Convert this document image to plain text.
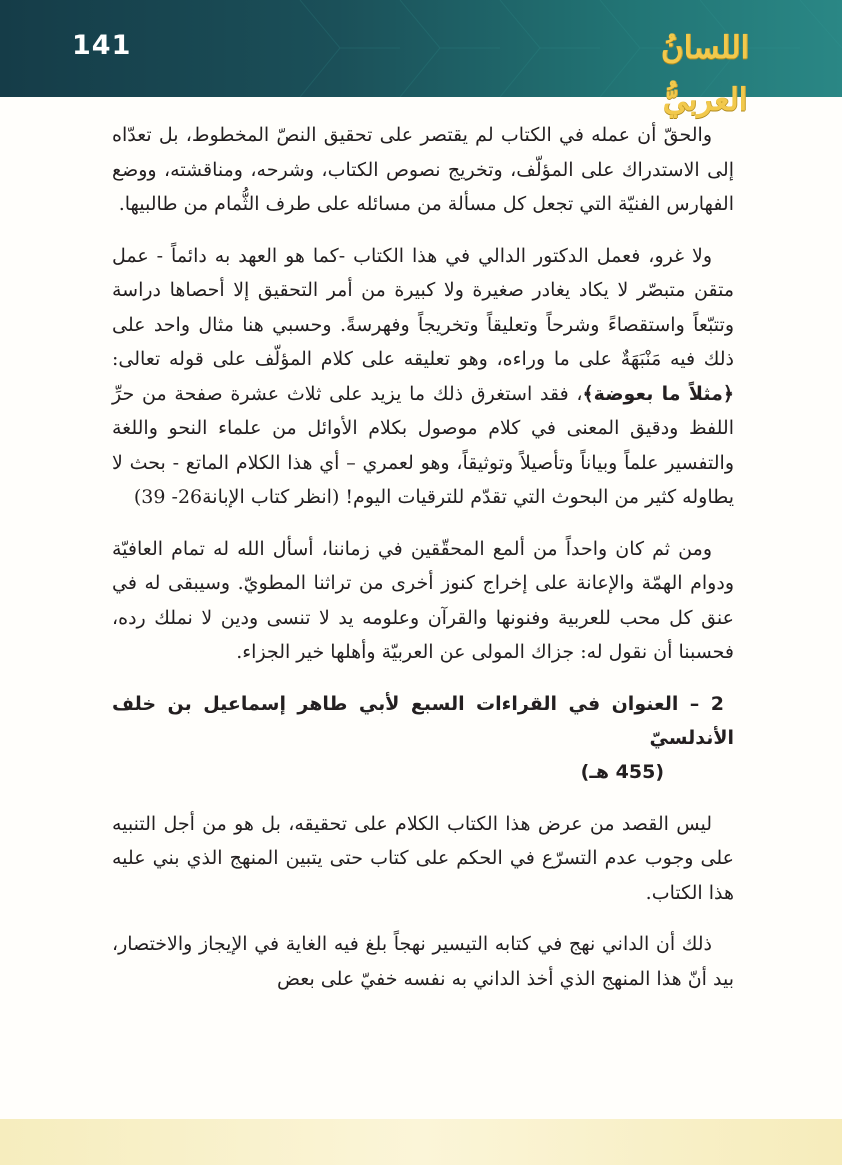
141	اللسانُ العربيُّ

والحقّ أن عمله في الكتاب لم يقتصر على تحقيق النصّ المخطوط، بل تعدّاه إلى الاستدراك على المؤلّف، وتخريج نصوص الكتاب، وشرحه، ومناقشته، ووضع الفهارس الفنيّة التي تجعل كل مسألة من مسائله على طرف الثُّمام من طالبيها.

ولا غرو، فعمل الدكتور الدالي في هذا الكتاب -كما هو العهد به دائماً - عمل متقن متبصّر لا يكاد يغادر صغيرة ولا كبيرة من أمر التحقيق إلا أحصاها دراسة وتتبّعاً واستقصاءً وشرحاً وتعليقاً وتخريجاً وفهرسةً. وحسبي هنا مثال واحد على ذلك فيه مَنْبَهَةٌ على ما وراءه، وهو تعليقه على كلام المؤلّف على قوله تعالى: ﴿مثلاً ما بعوضة﴾، فقد استغرق ذلك ما يزيد على ثلاث عشرة صفحة من حرِّ اللفظ ودقيق المعنى في كلام موصول بكلام الأوائل من علماء النحو واللغة والتفسير علماً وبياناً وتأصيلاً وتوثيقاً، وهو لعمري – أي هذا الكلام الماتع - بحث لا يطاوله كثير من البحوث التي تقدّم للترقيات اليوم! (انظر كتاب الإبانة26- 39)

ومن ثم كان واحداً من ألمع المحقّقين في زماننا، أسأل الله له تمام العافيّة ودوام الهمّة والإعانة على إخراج كنوز أخرى من تراثنا المطويّ. وسيبقى له في عنق كل محب للعربية وفنونها والقرآن وعلومه يد لا تنسى ودين لا نملك رده، فحسبنا أن نقول له: جزاك المولى عن العربيّة وأهلها خير الجزاء.

2 – العنوان في القراءات السبع لأبي طاهر إسماعيل بن خلف الأندلسيّ
(455 هـ)

ليس القصد من عرض هذا الكتاب الكلام على تحقيقه، بل هو من أجل التنبيه على وجوب عدم التسرّع في الحكم على كتاب حتى يتبين المنهج الذي بني عليه هذا الكتاب.

ذلك أن الداني نهج في كتابه التيسير نهجاً بلغ فيه الغاية في الإيجاز والاختصار، بيد أنّ هذا المنهج الذي أخذ الداني به نفسه خفيّ على بعض
